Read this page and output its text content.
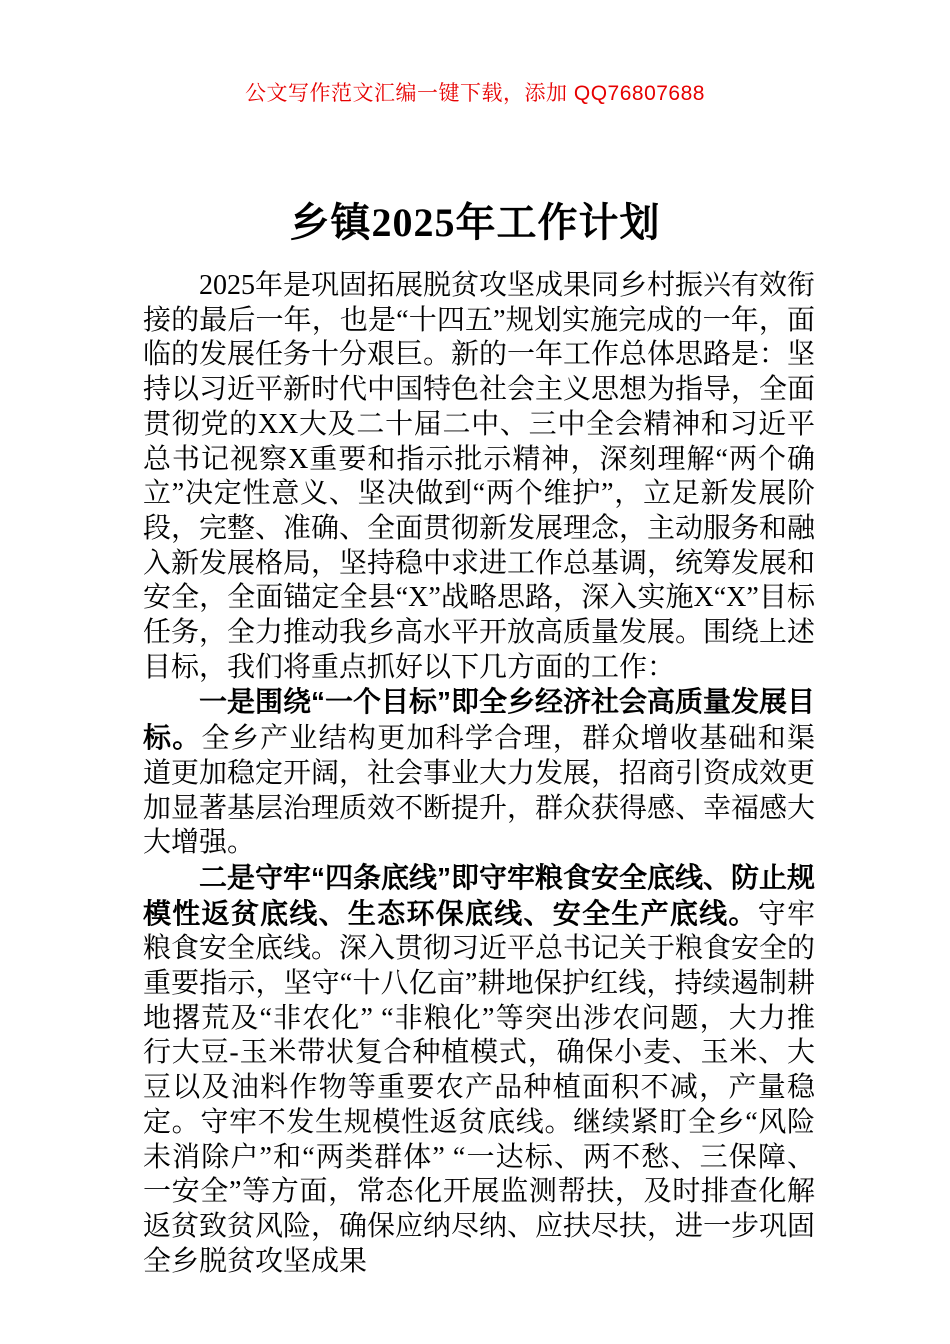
公文写作范文汇编一键下载，添加 QQ76807688
乡镇2025年工作计划

2025年是巩固拓展脱贫攻坚成果同乡村振兴有效衔接的最后一年，也是“十四五”规划实施完成的一年，面临的发展任务十分艰巨。新的一年工作总体思路是：坚持以习近平新时代中国特色社会主义思想为指导，全面贯彻党的XX大及二十届二中、三中全会精神和习近平总书记视察X重要和指示批示精神，深刻理解“两个确立”决定性意义、坚决做到“两个维护”，立足新发展阶段，完整、准确、全面贯彻新发展理念，主动服务和融入新发展格局，坚持稳中求进工作总基调，统筹发展和安全，全面锚定全县“X”战略思路，深入实施X“X”目标任务，全力推动我乡高水平开放高质量发展。围绕上述目标，我们将重点抓好以下几方面的工作：

一是围绕“一个目标”即全乡经济社会高质量发展目标。全乡产业结构更加科学合理，群众增收基础和渠道更加稳定开阔，社会事业大力发展，招商引资成效更加显著基层治理质效不断提升，群众获得感、幸福感大大增强。

二是守牢“四条底线”即守牢粮食安全底线、防止规模性返贫底线、生态环保底线、安全生产底线。守牢粮食安全底线。深入贯彻习近平总书记关于粮食安全的重要指示，坚守“十八亿亩”耕地保护红线，持续遏制耕地撂荒及“非农化” “非粮化”等突出涉农问题，大力推行大豆-玉米带状复合种植模式，确保小麦、玉米、大豆以及油料作物等重要农产品种植面积不减，产量稳定。守牢不发生规模性返贫底线。继续紧盯全乡“风险未消除户”和“两类群体” “一达标、两不愁、三保障、一安全”等方面，常态化开展监测帮扶，及时排查化解返贫致贫风险，确保应纳尽纳、应扶尽扶，进一步巩固全乡脱贫攻坚成果
